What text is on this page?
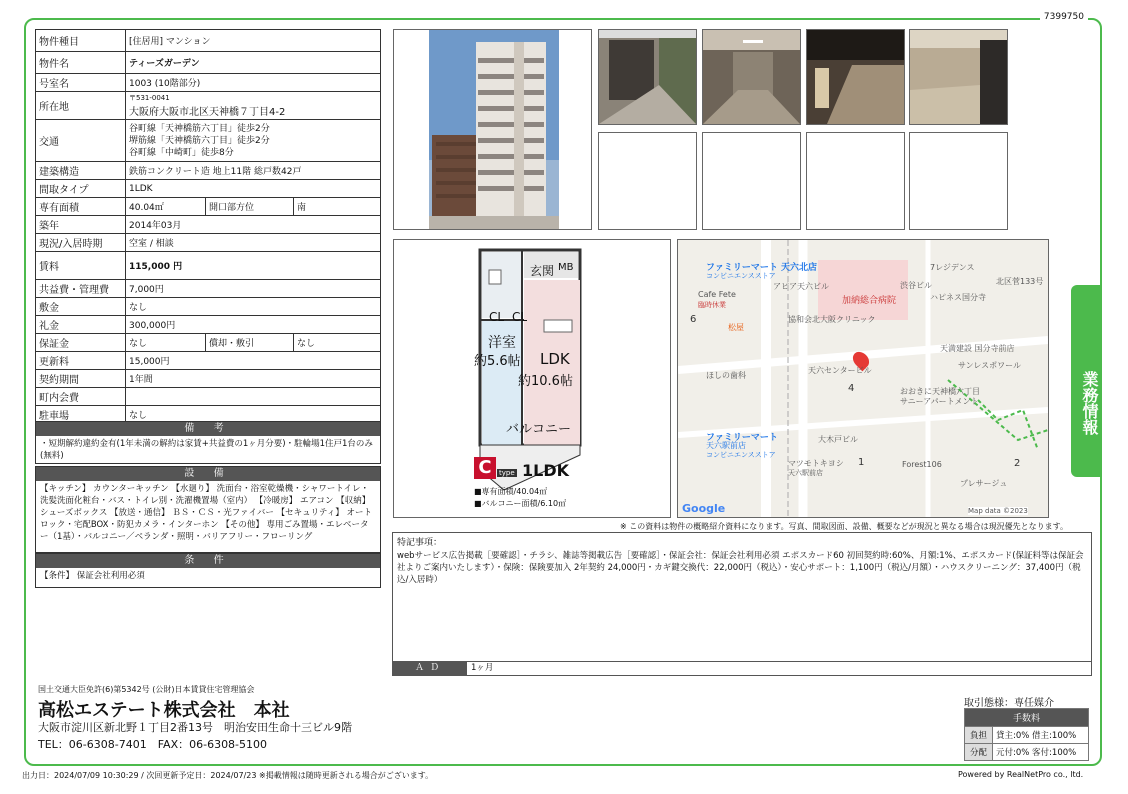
7399750
物件種目	[住居用] マンション		
物件名	ティーズガーデン		
号室名	1003 (10階部分)		
所在地	〒531-0041
大阪府大阪市北区天神橋７丁目4-2		

交通	谷町線「天神橋筋六丁目」徒歩2分
堺筋線「天神橋筋六丁目」徒歩2分
谷町線「中崎町」徒歩8分		

建築構造	鉄筋コンクリート造 地上11階 総戸数42戸		
間取タイプ	1LDK		
専有面積	40.04㎡	開口部方位	南
築年	2014年03月		
現況/入居時期	空室 / 相談		
賃料	115,000 円		
共益費・管理費	7,000円		
敷金	なし		
礼金	300,000円		
保証金	なし	償却・敷引	なし
更新料	15,000円		
契約期間	1年間		
町内会費			
駐車場	なし		
備 考
・短期解約違約金有(1年未満の解約は家賃+共益費の1ヶ月分要)・駐輪場1住戸1台のみ(無料)
設 備
【キッチン】 カウンターキッチン 【水廻り】 洗面台・浴室乾燥機・シャワートイレ・洗髪洗面化粧台・バス・トイレ別・洗濯機置場（室内） 【冷暖房】 エアコン 【収納】 シューズボックス 【放送・通信】 ＢＳ・ＣＳ・光ファイバー 【セキュリティ】 オートロック・宅配BOX・防犯カメラ・インターホン 【その他】 専用ごみ置場・エレベーター（1基）・バルコニー／ベランダ・照明・バリアフリー・フローリング
条 件
【条件】 保証会社利用必須
玄関 MB
CL CL
洋室
約5.6帖 LDK
約10.6帖
バルコニー
C	type 1LDK
■専有面積/40.04㎡
■バルコニー面積/6.10㎡
ファミリーマート 天六北店
コンビニエンスストア
7レジデンス
北区菅133号
Cafe Fete
臨時休業
アピア天六ビル	渋谷ビル
ハピネス国分寺
加納総合病院
協和会北大阪クリニック
松屋
天満建設 国分寺前店
サンレスポワール
ほしの歯科
天六センタービル
おおきに天神橋六丁目
サニーアパートメント
ファミリーマート
天六駅前店
コンビニエンスストア
大木戸ビル
マツモトキヨシ
天六駅前店
Forest106
プレサージュ
Google	Map data ©2023
6
4
1	2
※ この資料は物件の概略紹介資料になります。写真、間取図面、設備、概要などが現況と異なる場合は現況優先となります。
特記事項：
webサービス広告掲載［要確認］・チラシ、雑誌等掲載広告［要確認］・保証会社：保証会社利用必須 エポスカード60 初回契約時:60%、月額:1%、エポスカード(保証料等は保証会社よりご案内いたします）・保険：保険要加入 2年契約 24,000円・カギ鍵交換代：22,000円（税込）・安心サポート：1,100円（税込/月額）・ハウスクリーニング：37,400円（税込/入居時）
ＡＤ	1ヶ月
業務情報
国土交通大臣免許(6)第5342号 (公財)日本賃貸住宅管理協会
高松エステート株式会社　本社
大阪市淀川区新北野１丁目2番13号　明治安田生命十三ビル9階
TEL：06-6308-7401　FAX：06-6308-5100
取引態様：専任媒介
手数料	
負担	貸主:0% 借主:100%
分配	元付:0% 客付:100%
出力日：2024/07/09 10:30:29 / 次回更新予定日：2024/07/23 ※掲載情報は随時更新される場合がございます。	Powered by RealNetPro co., ltd.
